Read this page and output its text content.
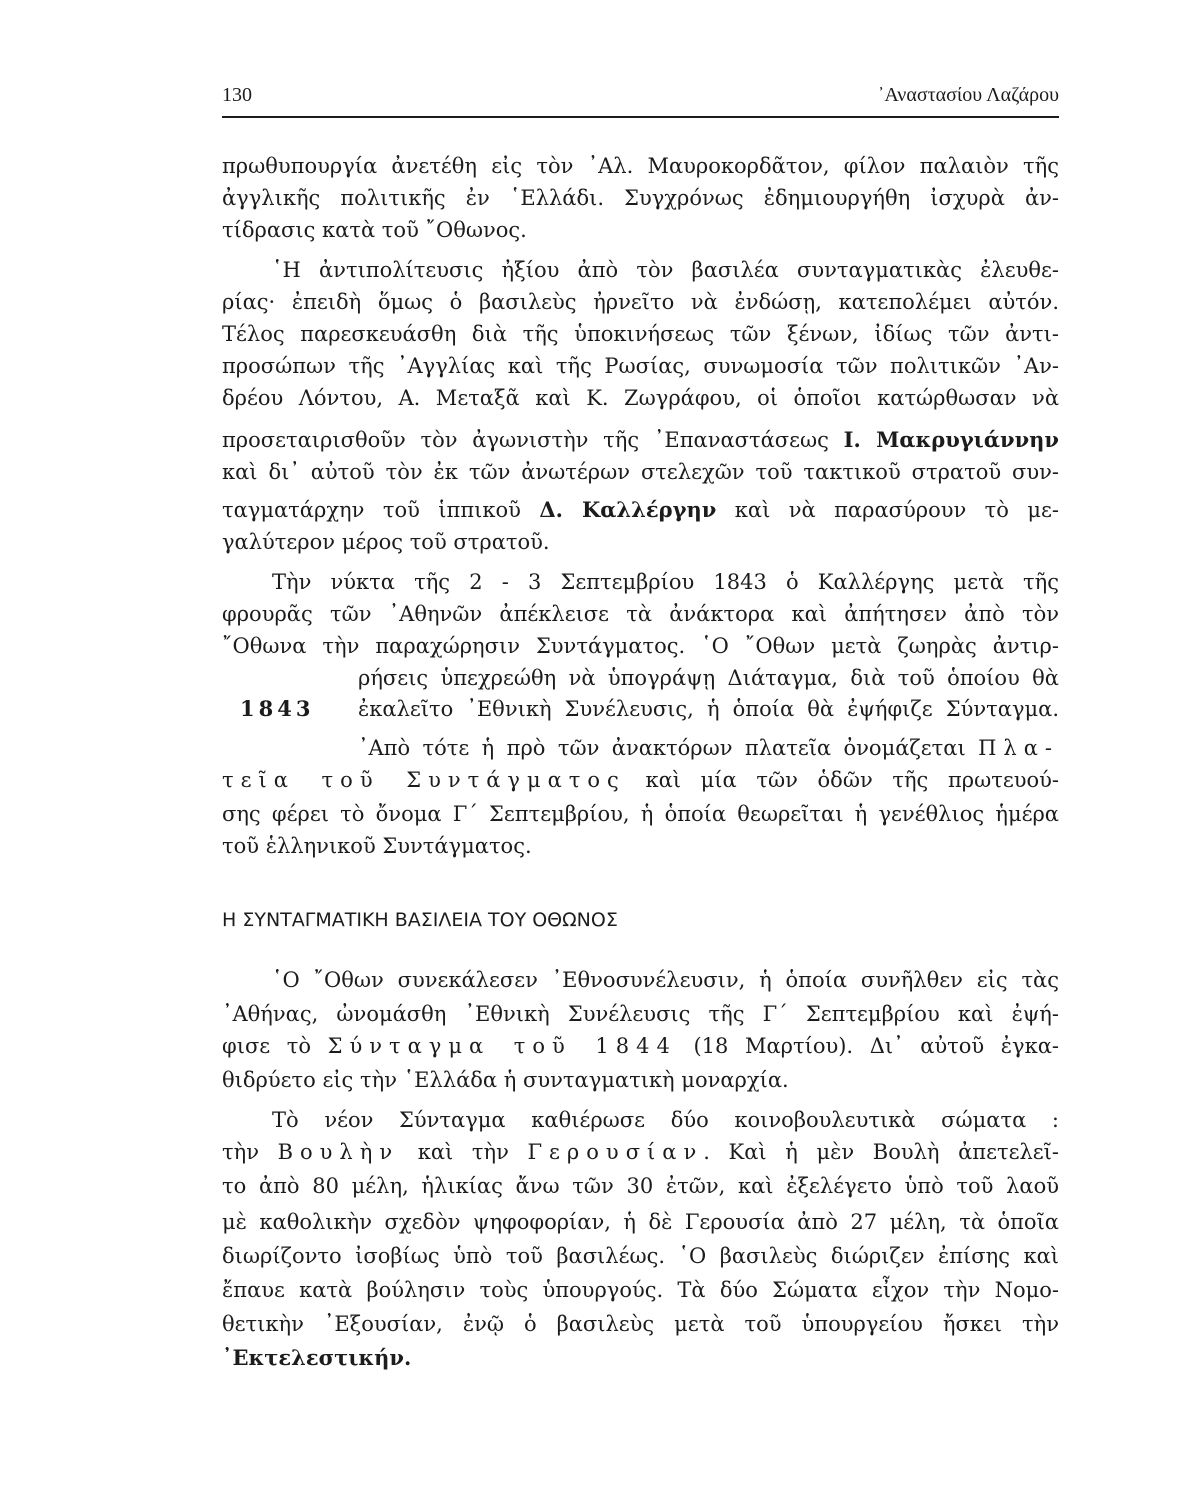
130	᾿Αναστασίου Λαζάρου
πρωθυπουργία ἀνετέθη εἰς τὸν ᾿Αλ. Μαυροκορδᾶτον, φίλον παλαιὸν τῆς
ἀγγλικῆς πολιτικῆς ἐν ῾Ελλάδι. Συγχρόνως ἐδημιουργήθη ἰσχυρὰ ἀν-
τίδρασις κατὰ τοῦ ῎Οθωνος.
῾Η ἀντιπολίτευσις ἠξίου ἀπὸ τὸν βασιλέα συνταγματικὰς ἐλευθε-
ρίας· ἐπειδὴ ὅμως ὁ βασιλεὺς ἠρνεῖτο νὰ ἐνδώσῃ, κατεπολέμει αὐτόν.
Τέλος παρεσκευάσθη διὰ τῆς ὑποκινήσεως τῶν ξένων, ἰδίως τῶν ἀντι-
προσώπων τῆς ᾿Αγγλίας καὶ τῆς Ρωσίας, συνωμοσία τῶν πολιτικῶν ᾿Αν-
δρέου Λόντου, Α. Μεταξᾶ καὶ Κ. Ζωγράφου, οἱ ὁποῖοι κατώρθωσαν νὰ
προσεταιρισθοῦν τὸν ἀγωνιστὴν τῆς ᾿Επαναστάσεως Ι. Μακρυγιάννην
καὶ δι᾿ αὐτοῦ τὸν ἐκ τῶν ἀνωτέρων στελεχῶν τοῦ τακτικοῦ στρατοῦ συν-
ταγματάρχην τοῦ ἱππικοῦ Δ. Καλλέργην καὶ νὰ παρασύρουν τὸ με-
γαλύτερον μέρος τοῦ στρατοῦ.
Τὴν νύκτα τῆς 2 - 3 Σεπτεμβρίου 1843 ὁ Καλλέργης μετὰ τῆς
φρουρᾶς τῶν ᾿Αθηνῶν ἀπέκλεισε τὰ ἀνάκτορα καὶ ἀπήτησεν ἀπὸ τὸν
῎Οθωνα τὴν παραχώρησιν Συντάγματος. ῾Ο ῎Οθων μετὰ ζωηρὰς ἀντιρ-
ρήσεις ὑπεχρεώθη νὰ ὑπογράψῃ Διάταγμα, διὰ τοῦ ὁποίου θὰ
1843 ἐκαλεῖτο ᾿Εθνικὴ Συνέλευσις, ἡ ὁποία θὰ ἐψήφιζε Σύνταγμα.
᾿Απὸ τότε ἡ πρὸ τῶν ἀνακτόρων πλατεῖα ὀνομάζεται Πλα-
τεῖα τοῦ Συντάγματος καὶ μία τῶν ὁδῶν τῆς πρωτευού-
σης φέρει τὸ ὄνομα Γ´ Σεπτεμβρίου, ἡ ὁποία θεωρεῖται ἡ γενέθλιος ἡμέρα
τοῦ ἑλληνικοῦ Συντάγματος.
Η ΣΥΝΤΑΓΜΑΤΙΚΗ ΒΑΣΙΛΕΙΑ ΤΟΥ ΟΘΩΝΟΣ
῾Ο ῎Οθων συνεκάλεσεν ᾿Εθνοσυνέλευσιν, ἡ ὁποία συνῆλθεν εἰς τὰς
᾿Αθήνας, ὠνομάσθη ᾿Εθνικὴ Συνέλευσις τῆς Γ´ Σεπτεμβρίου καὶ ἐψή-
φισε τὸ Σύνταγμα τοῦ 1844 (18 Μαρτίου). Δι᾿ αὐτοῦ ἐγκα-
θιδρύετο εἰς τὴν ῾Ελλάδα ἡ συνταγματικὴ μοναρχία.
Τὸ νέον Σύνταγμα καθιέρωσε δύο κοινοβουλευτικὰ σώματα :
τὴν Βουλὴν καὶ τὴν Γερουσίαν. Καὶ ἡ μὲν Βουλὴ ἀπετελεῖ-
το ἀπὸ 80 μέλη, ἡλικίας ἄνω τῶν 30 ἐτῶν, καὶ ἐξελέγετο ὑπὸ τοῦ λαοῦ
μὲ καθολικὴν σχεδὸν ψηφοφορίαν, ἡ δὲ Γερουσία ἀπὸ 27 μέλη, τὰ ὁποῖα
διωρίζοντο ἰσοβίως ὑπὸ τοῦ βασιλέως. ῾Ο βασιλεὺς διώριζεν ἐπίσης καὶ
ἔπαυε κατὰ βούλησιν τοὺς ὑπουργούς. Τὰ δύο Σώματα εἶχον τὴν Νομο-
θετικὴν ᾿Εξουσίαν, ἐνῷ ὁ βασιλεὺς μετὰ τοῦ ὑπουργείου ἤσκει τὴν
᾿Εκτελεστικήν.
